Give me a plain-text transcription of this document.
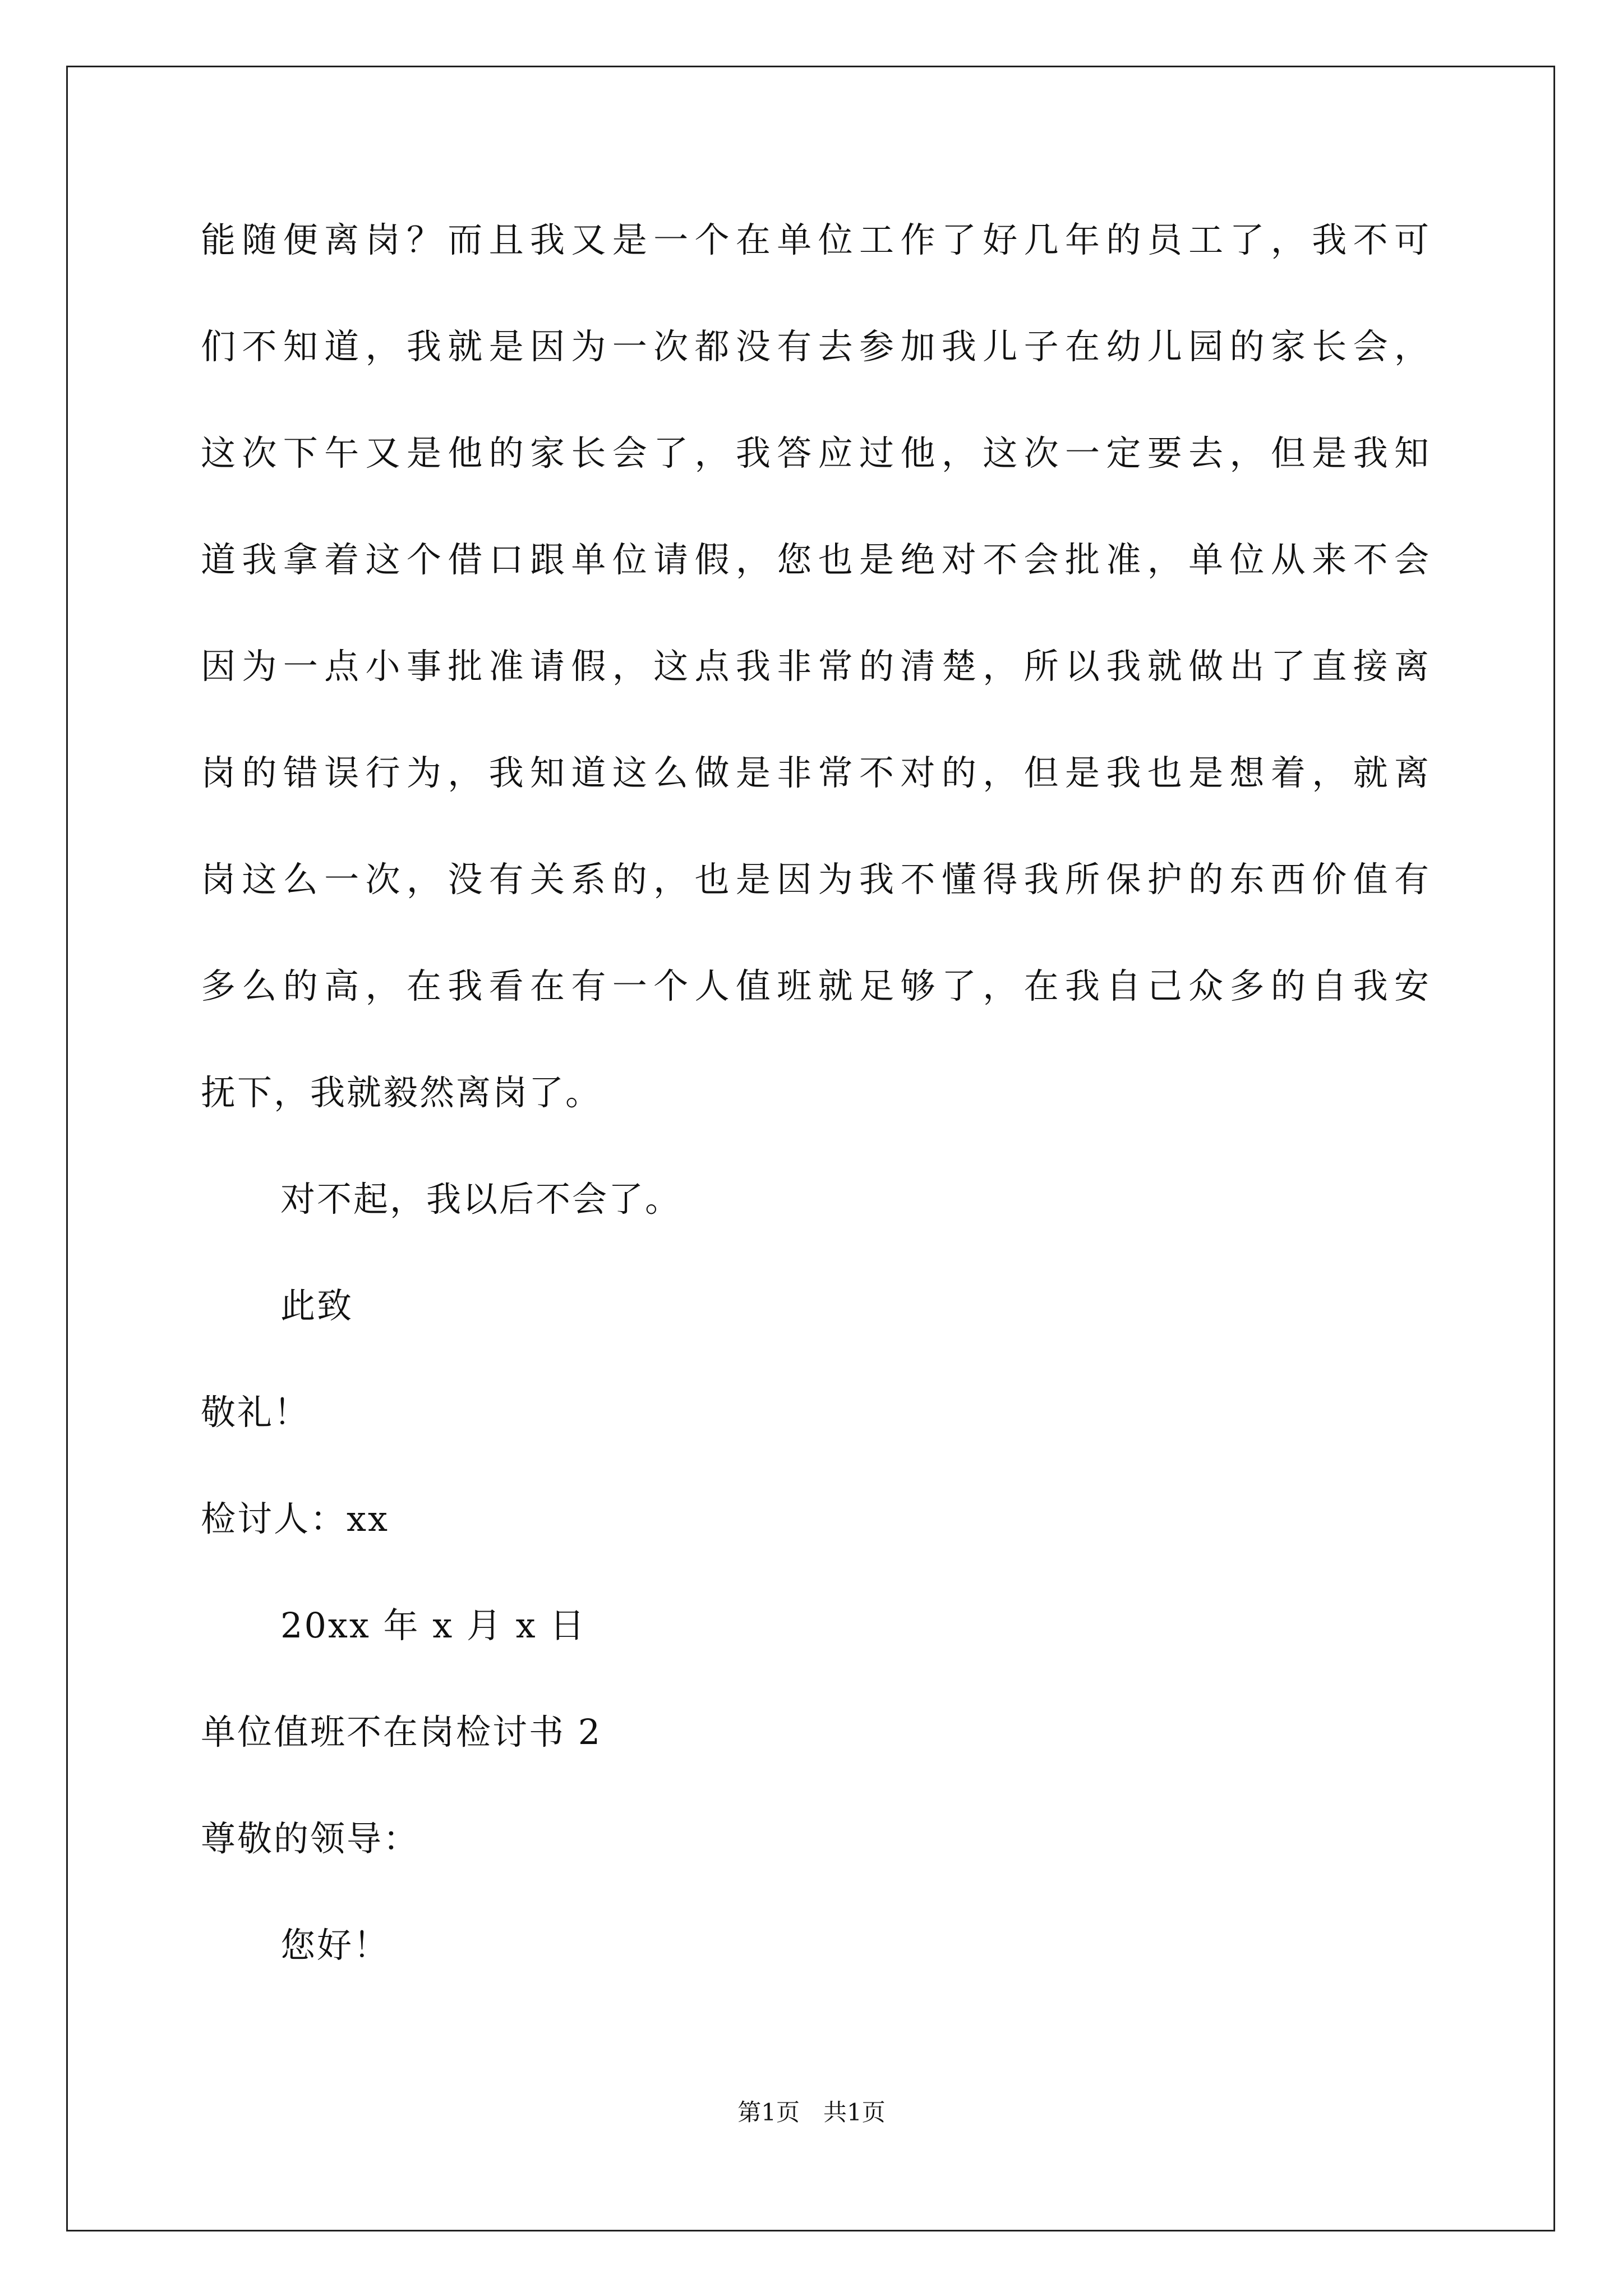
能随便离岗？而且我又是一个在单位工作了好几年的员工了，我不可
们不知道，我就是因为一次都没有去参加我儿子在幼儿园的家长会，
这次下午又是他的家长会了，我答应过他，这次一定要去，但是我知
道我拿着这个借口跟单位请假，您也是绝对不会批准，单位从来不会
因为一点小事批准请假，这点我非常的清楚，所以我就做出了直接离
岗的错误行为，我知道这么做是非常不对的，但是我也是想着，就离
岗这么一次，没有关系的，也是因为我不懂得我所保护的东西价值有
多么的高，在我看在有一个人值班就足够了，在我自己众多的自我安
抚下，我就毅然离岗了。
对不起，我以后不会了。
此致
敬礼！
检讨人：xx
20xx 年 x 月 x 日
单位值班不在岗检讨书 2
尊敬的领导：
您好！
第1页　共1页
